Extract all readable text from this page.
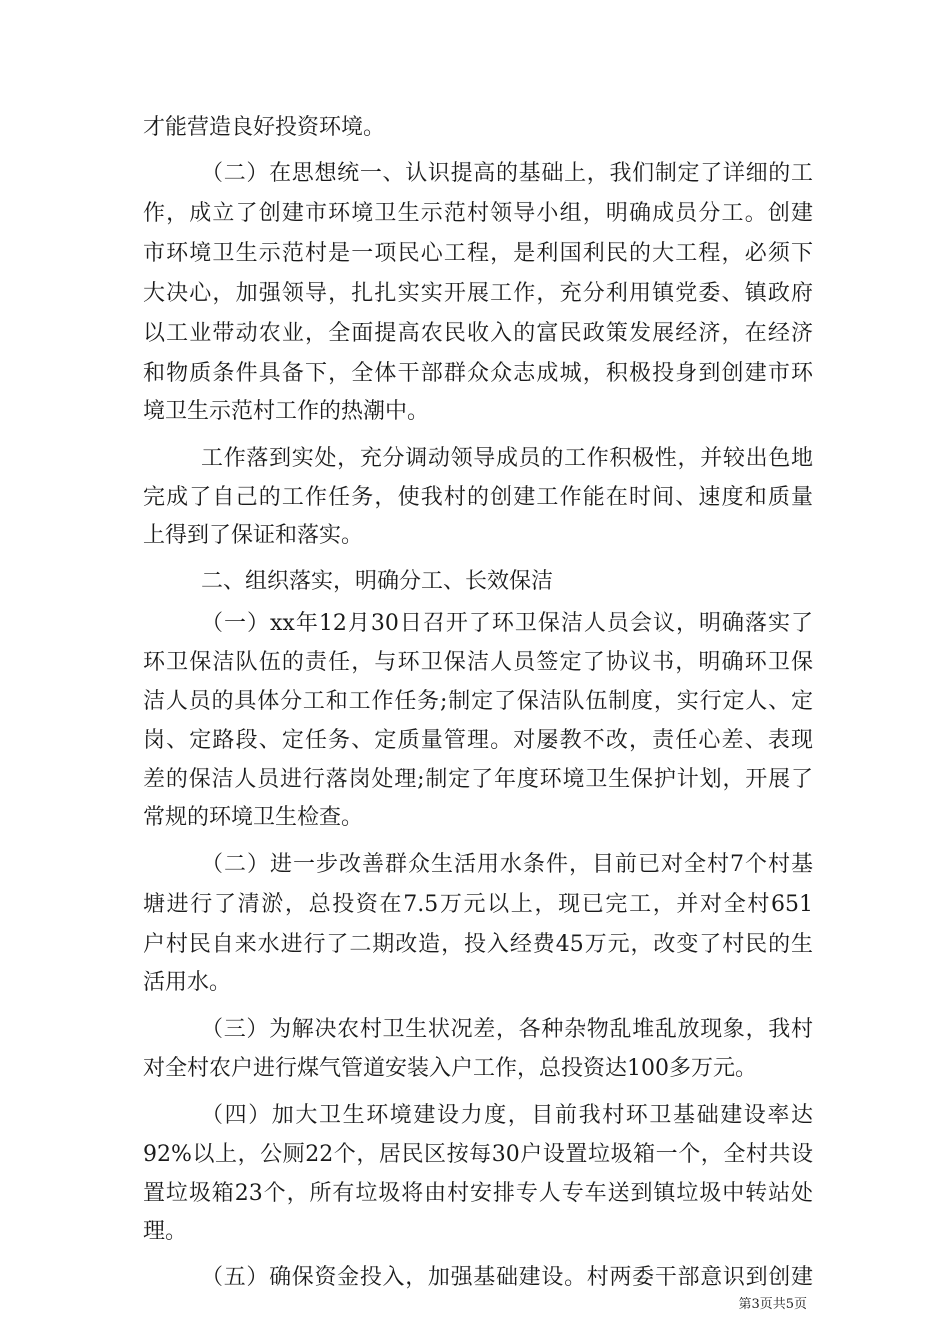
才能营造良好投资环境。
（二）在思想统一、认识提高的基础上，我们制定了详细的工
作，成立了创建市环境卫生示范村领导小组，明确成员分工。创建
市环境卫生示范村是一项民心工程，是利国利民的大工程，必须下
大决心，加强领导，扎扎实实开展工作，充分利用镇党委、镇政府
以工业带动农业，全面提高农民收入的富民政策发展经济，在经济
和物质条件具备下，全体干部群众众志成城，积极投身到创建市环
境卫生示范村工作的热潮中。
工作落到实处，充分调动领导成员的工作积极性，并较出色地
完成了自己的工作任务，使我村的创建工作能在时间、速度和质量
上得到了保证和落实。
二、组织落实，明确分工、长效保洁
（一）xx年12月30日召开了环卫保洁人员会议，明确落实了
环卫保洁队伍的责任，与环卫保洁人员签定了协议书，明确环卫保
洁人员的具体分工和工作任务;制定了保洁队伍制度，实行定人、定
岗、定路段、定任务、定质量管理。对屡教不改，责任心差、表现
差的保洁人员进行落岗处理;制定了年度环境卫生保护计划，开展了
常规的环境卫生检查。
（二）进一步改善群众生活用水条件，目前已对全村7个村基
塘进行了清淤，总投资在7.5万元以上，现已完工，并对全村651
户村民自来水进行了二期改造，投入经费45万元，改变了村民的生
活用水。
（三）为解决农村卫生状况差，各种杂物乱堆乱放现象，我村
对全村农户进行煤气管道安装入户工作，总投资达100多万元。
（四）加大卫生环境建设力度，目前我村环卫基础建设率达
92%以上，公厕22个，居民区按每30户设置垃圾箱一个，全村共设
置垃圾箱23个，所有垃圾将由村安排专人专车送到镇垃圾中转站处
理。
（五）确保资金投入，加强基础建设。村两委干部意识到创建
第3页共5页
